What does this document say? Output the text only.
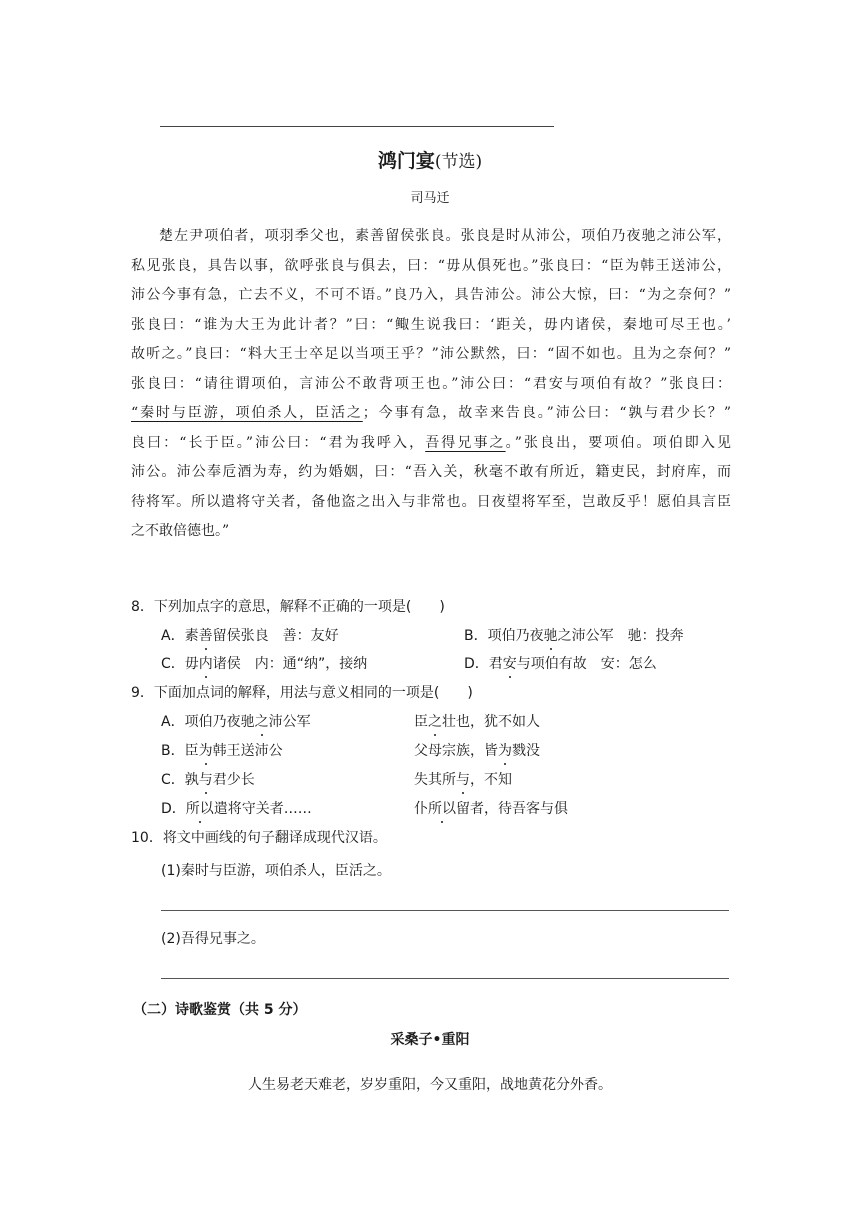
鸿门宴(节选)
司马迁
楚左尹项伯者，项羽季父也，素善留侯张良。张良是时从沛公，项伯乃夜驰之沛公军，
私见张良，具告以事，欲呼张良与俱去，曰：“毋从俱死也。”张良曰：“臣为韩王送沛公，
沛公今事有急，亡去不义，不可不语。”良乃入，具告沛公。沛公大惊，曰：“为之奈何？”
张良曰：“谁为大王为此计者？”曰：“鲰生说我曰：‘距关，毋内诸侯，秦地可尽王也。’
故听之。”良曰：“料大王士卒足以当项王乎？”沛公默然，曰：“固不如也。且为之奈何？”
张良曰：“请往谓项伯，言沛公不敢背项王也。”沛公曰：“君安与项伯有故？”张良曰：
“秦时与臣游，项伯杀人，臣活之；今事有急，故幸来告良。”沛公曰：“孰与君少长？”
良曰：“长于臣。”沛公曰：“君为我呼入，吾得兄事之。”张良出，要项伯。项伯即入见
沛公。沛公奉卮酒为寿，约为婚姻，曰：“吾入关，秋毫不敢有所近，籍吏民，封府库，而
待将军。所以遣将守关者，备他盗之出入与非常也。日夜望将军至，岂敢反乎！愿伯具言臣
之不敢倍德也。”
8．下列加点字的意思，解释不正确的一项是(　　)
A．素善留侯张良　善：友好	B．项伯乃夜驰之沛公军　驰：投奔
C．毋内诸侯　内：通“纳”，接纳	D．君安与项伯有故　安：怎么
9．下面加点词的解释，用法与意义相同的一项是(　　)
A．项伯乃夜驰之沛公军	臣之壮也，犹不如人
B．臣为韩王送沛公	父母宗族，皆为戮没
C．孰与君少长	失其所与，不知
D．所以遣将守关者……	仆所以留者，待吾客与俱
10．将文中画线的句子翻译成现代汉语。
(1)秦时与臣游，项伯杀人，臣活之。
(2)吾得兄事之。
（二）诗歌鉴赏（共 5 分）
采桑子•重阳
人生易老天难老，岁岁重阳，今又重阳，战地黄花分外香。
